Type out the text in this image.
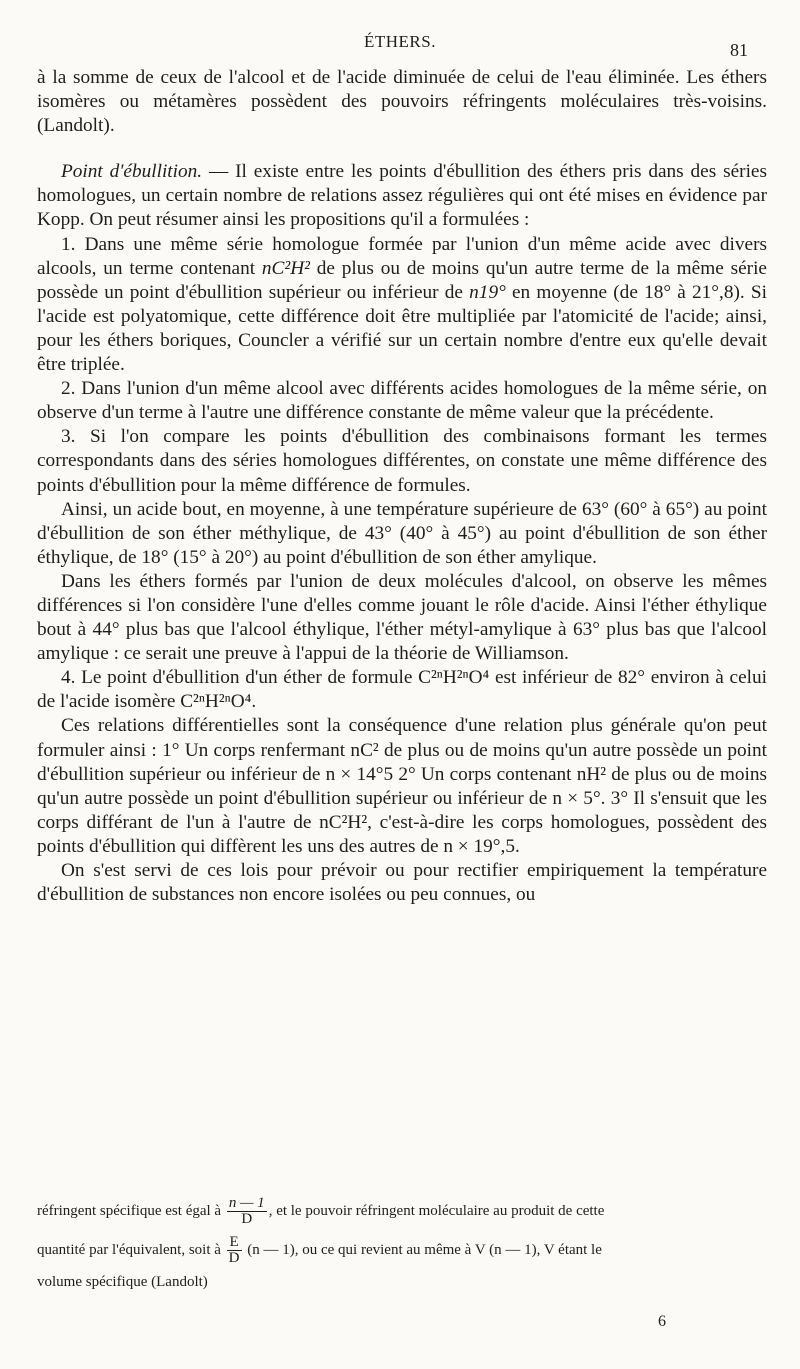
ÉTHERS.	81

à la somme de ceux de l'alcool et de l'acide diminuée de celui de l'eau éliminée. Les éthers isomères ou métamères possèdent des pouvoirs réfringents moléculaires très-voisins. (Landolt).

Point d'ébullition. — Il existe entre les points d'ébullition des éthers pris dans des séries homologues, un certain nombre de relations assez régulières qui ont été mises en évidence par Kopp. On peut résumer ainsi les propositions qu'il a formulées :

1. Dans une même série homologue formée par l'union d'un même acide avec divers alcools, un terme contenant nC²H² de plus ou de moins qu'un autre terme de la même série possède un point d'ébullition supérieur ou inférieur de n19° en moyenne (de 18° à 21°,8). Si l'acide est polyatomique, cette différence doit être multipliée par l'atomicité de l'acide; ainsi, pour les éthers boriques, Councler a vérifié sur un certain nombre d'entre eux qu'elle devait être triplée.

2. Dans l'union d'un même alcool avec différents acides homologues de la même série, on observe d'un terme à l'autre une différence constante de même valeur que la précédente.

3. Si l'on compare les points d'ébullition des combinaisons formant les termes correspondants dans des séries homologues différentes, on constate une même différence des points d'ébullition pour la même différence de formules.

Ainsi, un acide bout, en moyenne, à une température supérieure de 63° (60° à 65°) au point d'ébullition de son éther méthylique, de 43° (40° à 45°) au point d'ébullition de son éther éthylique, de 18° (15° à 20°) au point d'ébullition de son éther amylique.

Dans les éthers formés par l'union de deux molécules d'alcool, on observe les mêmes différences si l'on considère l'une d'elles comme jouant le rôle d'acide. Ainsi l'éther éthylique bout à 44° plus bas que l'alcool éthylique, l'éther métyl-amylique à 63° plus bas que l'alcool amylique : ce serait une preuve à l'appui de la théorie de Williamson.

4. Le point d'ébullition d'un éther de formule C²ⁿH²ⁿO⁴ est inférieur de 82° environ à celui de l'acide isomère C²ⁿH²ⁿO⁴.

Ces relations différentielles sont la conséquence d'une relation plus générale qu'on peut formuler ainsi : 1° Un corps renfermant nC² de plus ou de moins qu'un autre possède un point d'ébullition supérieur ou inférieur de n × 14°5 2° Un corps contenant nH² de plus ou de moins qu'un autre possède un point d'ébullition supérieur ou inférieur de n × 5°. 3° Il s'ensuit que les corps différant de l'un à l'autre de nC²H², c'est-à-dire les corps homologues, possèdent des points d'ébullition qui diffèrent les uns des autres de n × 19°,5.

On s'est servi de ces lois pour prévoir ou pour rectifier empiriquement la température d'ébullition de substances non encore isolées ou peu connues, ou

réfringent spécifique est égal à $\frac{n — 1}{D}$ , et le pouvoir réfringent moléculaire au produit de cette
quantité par l'équivalent, soit à $\frac{E}{D} (n$ — 1), ou ce qui revient au même à V (n — 1), V étant le
volume spécifique (Landolt)
6
